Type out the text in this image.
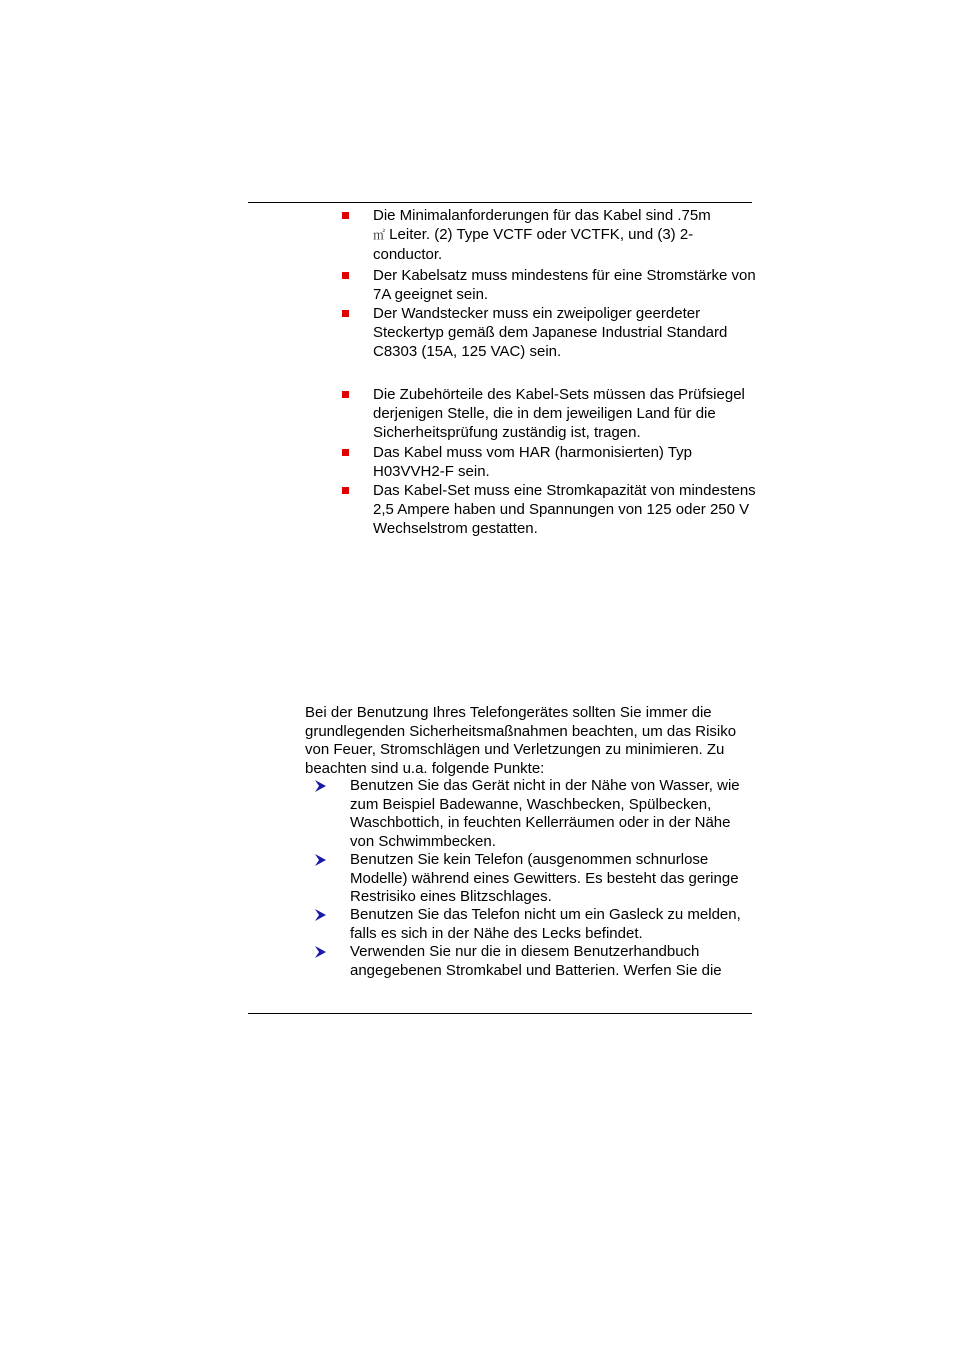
Die Minimalanforderungen für das Kabel sind .75m
㎡ Leiter. (2) Type VCTF oder VCTFK, und (3) 2-conductor.
Der Kabelsatz muss mindestens für eine Stromstärke von 7A geeignet sein.
Der Wandstecker muss ein zweipoliger geerdeter Steckertyp gemäß dem Japanese Industrial Standard C8303 (15A, 125 VAC) sein.
Die Zubehörteile des Kabel-Sets müssen das Prüfsiegel derjenigen Stelle, die in dem jeweiligen Land für die Sicherheitsprüfung zuständig ist, tragen.
Das Kabel muss vom HAR (harmonisierten) Typ H03VVH2-F sein.
Das Kabel-Set muss eine Stromkapazität von mindestens 2,5 Ampere haben und Spannungen von 125 oder 250 V Wechselstrom gestatten.

Bei der Benutzung Ihres Telefongerätes sollten Sie immer die grundlegenden Sicherheitsmaßnahmen beachten, um das Risiko von Feuer, Stromschlägen und Verletzungen zu minimieren. Zu beachten sind u.a. folgende Punkte:

Benutzen Sie das Gerät nicht in der Nähe von Wasser, wie zum Beispiel Badewanne, Waschbecken, Spülbecken, Waschbottich, in feuchten Kellerräumen oder in der Nähe von Schwimmbecken.
Benutzen Sie kein Telefon (ausgenommen schnurlose Modelle) während eines Gewitters. Es besteht das geringe Restrisiko eines Blitzschlages.
Benutzen Sie das Telefon nicht um ein Gasleck zu melden, falls es sich in der Nähe des Lecks befindet.
Verwenden Sie nur die in diesem Benutzerhandbuch angegebenen Stromkabel und Batterien. Werfen Sie die
